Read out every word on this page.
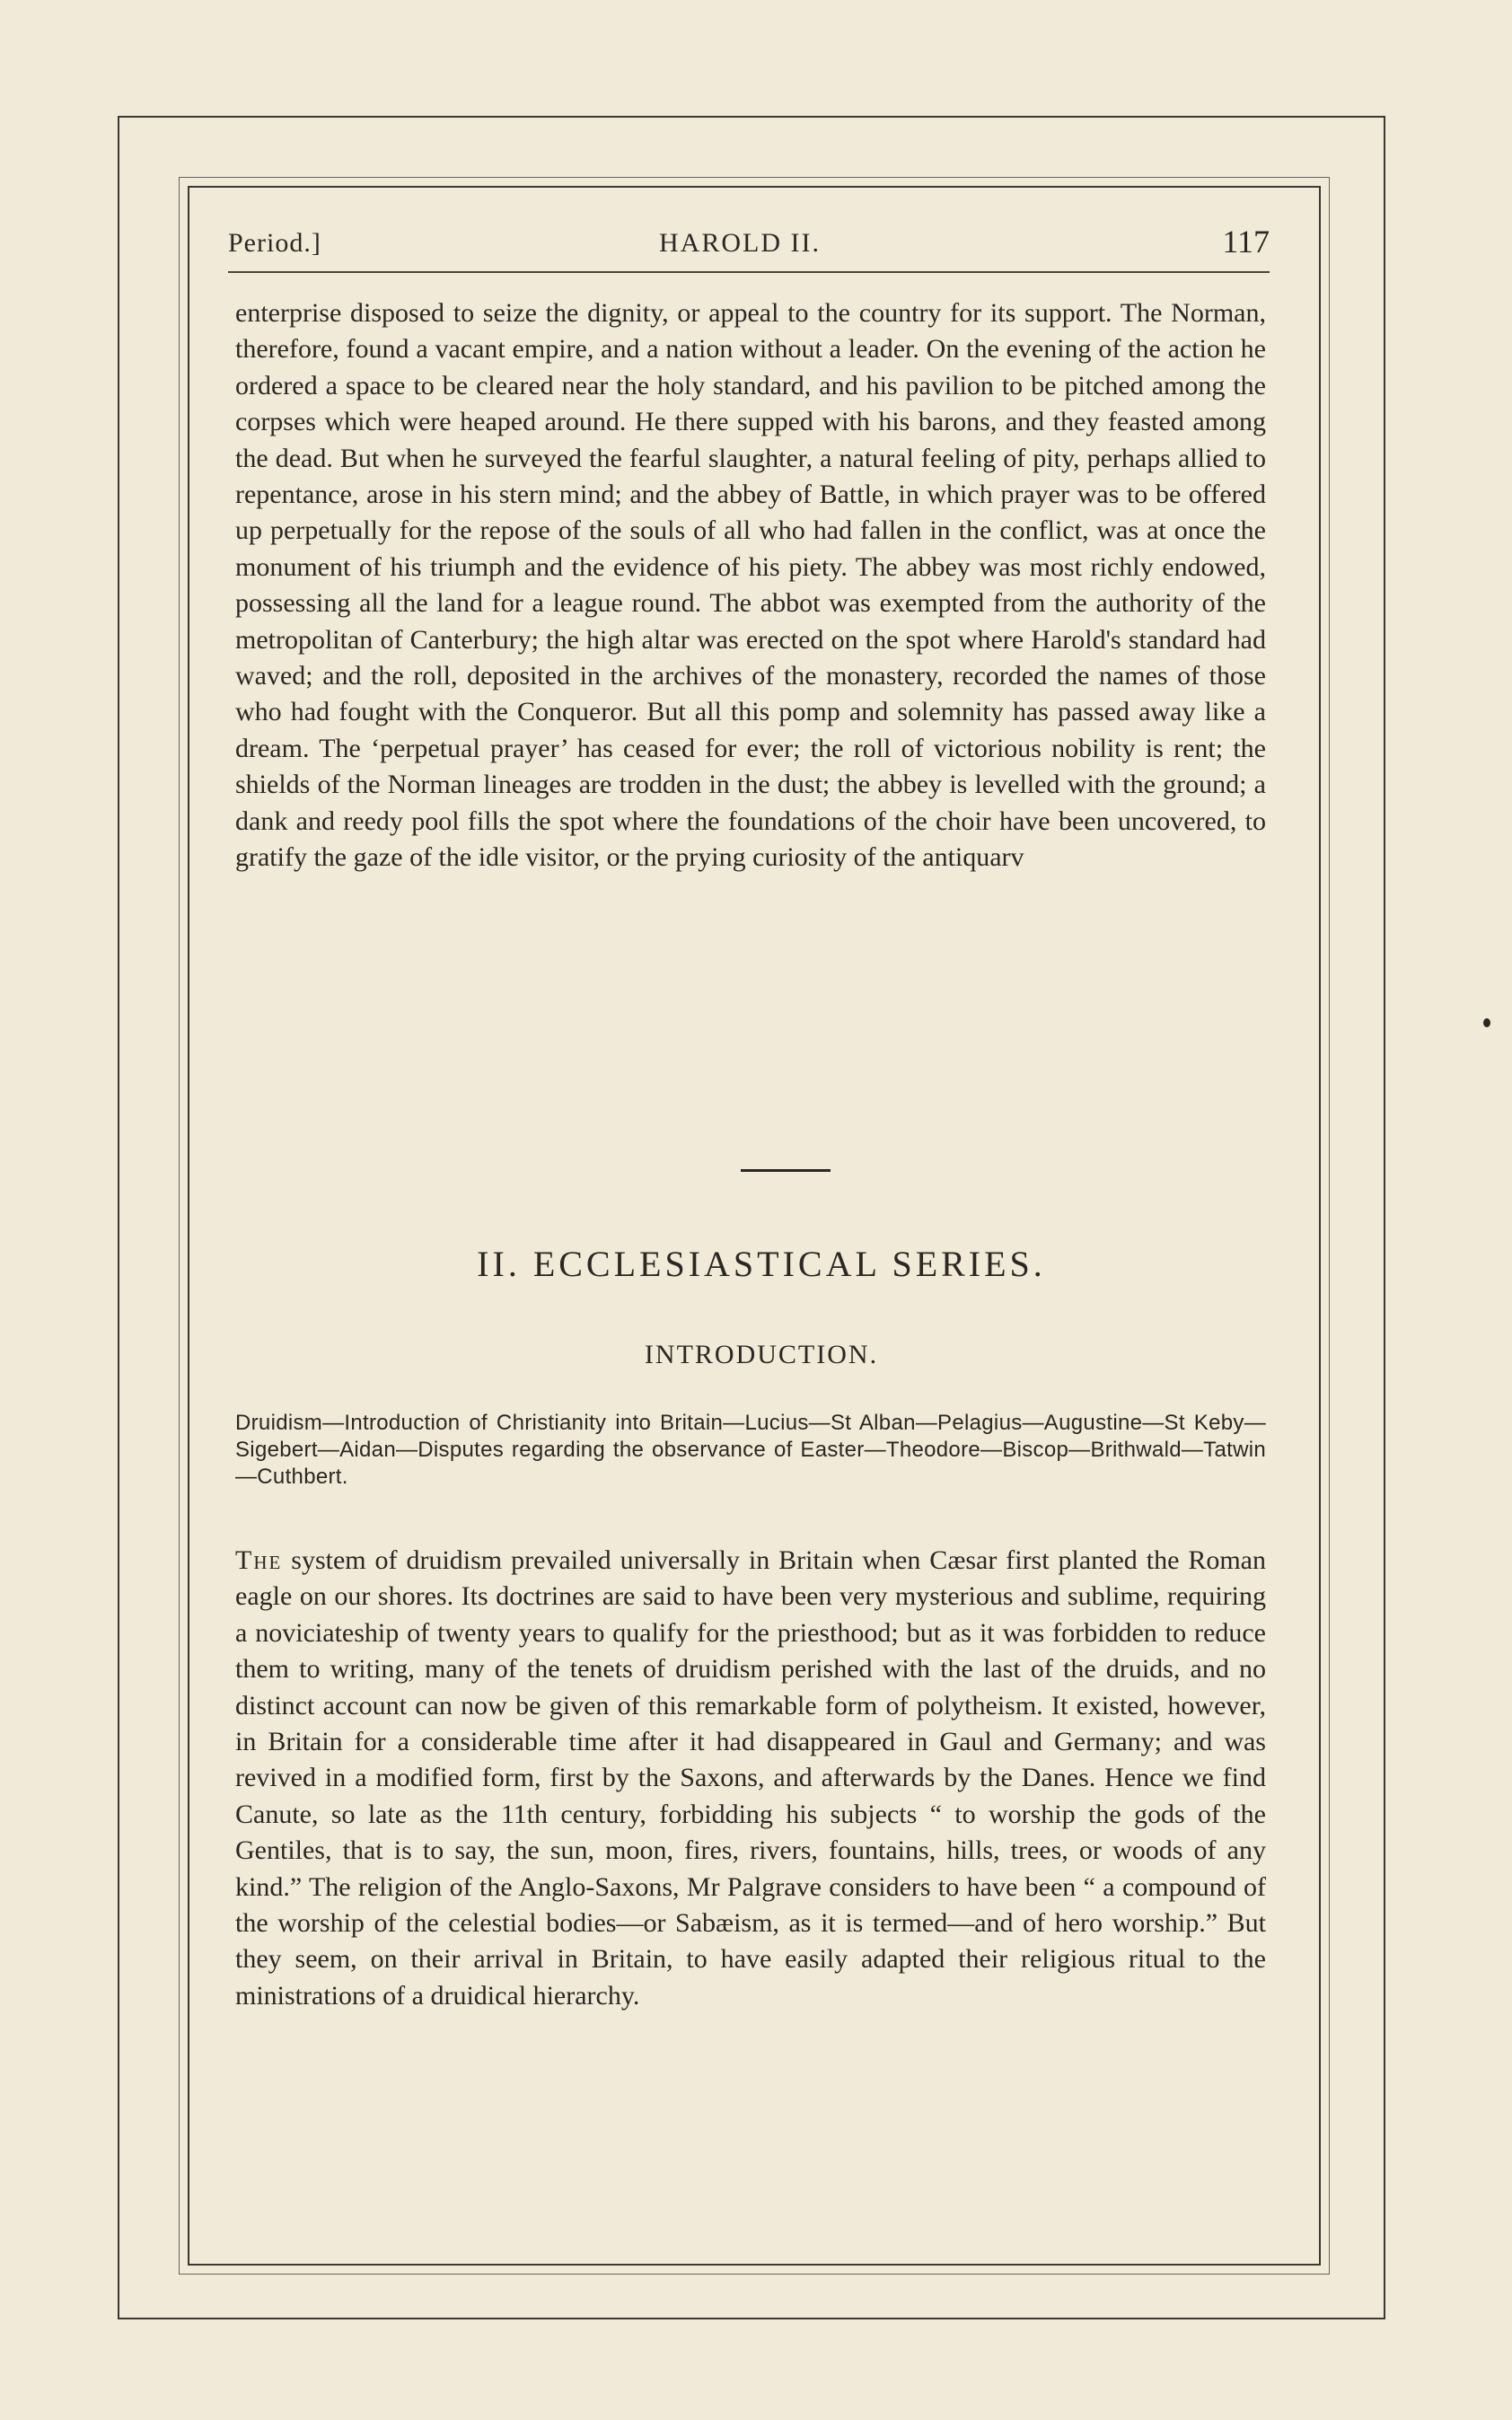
Period.]	HAROLD II.	117

enterprise disposed to seize the dignity, or appeal to the country for its support. The Norman, therefore, found a vacant empire, and a nation without a leader. On the evening of the action he ordered a space to be cleared near the holy standard, and his pavilion to be pitched among the corpses which were heaped around. He there supped with his barons, and they feasted among the dead. But when he surveyed the fearful slaughter, a natural feeling of pity, perhaps allied to repentance, arose in his stern mind; and the abbey of Battle, in which prayer was to be offered up perpetually for the repose of the souls of all who had fallen in the conflict, was at once the monument of his triumph and the evidence of his piety. The abbey was most richly endowed, possessing all the land for a league round. The abbot was exempted from the authority of the metropolitan of Canterbury; the high altar was erected on the spot where Harold's standard had waved; and the roll, deposited in the archives of the monastery, recorded the names of those who had fought with the Conqueror. But all this pomp and solemnity has passed away like a dream. The ‘perpetual prayer’ has ceased for ever; the roll of victorious nobility is rent; the shields of the Norman lineages are trodden in the dust; the abbey is levelled with the ground; a dank and reedy pool fills the spot where the foundations of the choir have been uncovered, to gratify the gaze of the idle visitor, or the prying curiosity of the antiquarv

II. ECCLESIASTICAL SERIES.
INTRODUCTION.

Druidism—Introduction of Christianity into Britain—Lucius—St Alban—Pelagius—Augustine—St Keby—Sigebert—Aidan—Disputes regarding the observance of Easter—Theodore—Biscop—Brithwald—Tatwin—Cuthbert.

The system of druidism prevailed universally in Britain when Cæsar first planted the Roman eagle on our shores. Its doctrines are said to have been very mysterious and sublime, requiring a noviciateship of twenty years to qualify for the priesthood; but as it was forbidden to reduce them to writing, many of the tenets of druidism perished with the last of the druids, and no distinct account can now be given of this remarkable form of polytheism. It existed, however, in Britain for a considerable time after it had disappeared in Gaul and Germany; and was revived in a modified form, first by the Saxons, and afterwards by the Danes. Hence we find Canute, so late as the 11th century, forbidding his subjects “ to worship the gods of the Gentiles, that is to say, the sun, moon, fires, rivers, fountains, hills, trees, or woods of any kind.” The religion of the Anglo-Saxons, Mr Palgrave considers to have been “ a compound of the worship of the celestial bodies—or Sabæism, as it is termed—and of hero worship.” But they seem, on their arrival in Britain, to have easily adapted their religious ritual to the ministrations of a druidical hierarchy.
